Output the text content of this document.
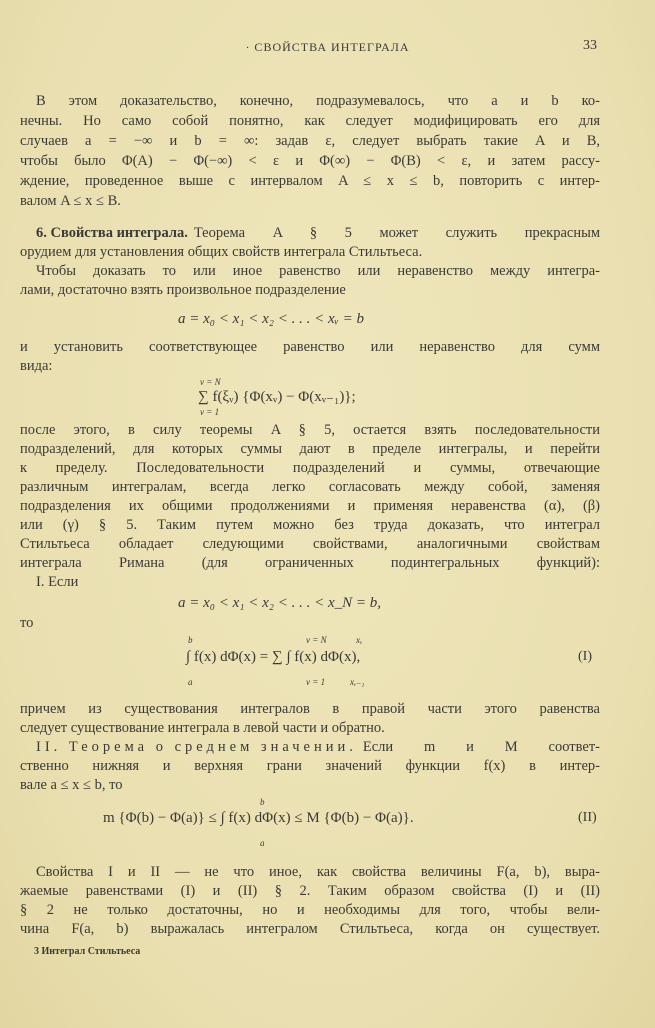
· СВОЙСТВА ИНТЕГРАЛА	33
В этом доказательство, конечно, подразумевалось, что a и b ко-
нечны. Но само собой понятно, как следует модифицировать его для
случаев a = −∞ и b = ∞: задав ε, следует выбрать такие A и B,
чтобы было Φ(A) − Φ(−∞) < ε и Φ(∞) − Φ(B) < ε, и затем рассу-
ждение, проведенное выше с интервалом A ≤ x ≤ b, повторить с интер-
валом A ≤ x ≤ B.
6. Свойства интеграла. Теорема A § 5 может служить прекрасным
орудием для установления общих свойств интеграла Стильтьеса.
Чтобы доказать то или иное равенство или неравенство между интегра-
лами, достаточно взять произвольное подразделение
a = x₀ < x₁ < x₂ < . . . < xᵥ = b
и установить соответствующее равенство или неравенство для сумм
вида:
ν = N
∑ f(ξᵥ) {Φ(xᵥ) − Φ(xᵥ₋₁)};
ν = 1
после этого, в силу теоремы A § 5, остается взять последовательности
подразделений, для которых суммы дают в пределе интегралы, и перейти
к пределу. Последовательности подразделений и суммы, отвечающие
различным интегралам, всегда легко согласовать между собой, заменяя
подразделения их общими продолжениями и применяя неравенства (α), (β)
или (γ) § 5. Таким путем можно без труда доказать, что интеграл
Стильтьеса обладает следующими свойствами, аналогичными свойствам
интеграла Римана (для ограниченных подинтегральных функций):
I. Если
a = x₀ < x₁ < x₂ < . . . < x_N = b,
то
b	ν = N	xᵥ
∫ f(x) dΦ(x) = ∑ ∫ f(x) dΦ(x),	(I)
a	ν = 1	xᵥ₋₁
причем из существования интегралов в правой части этого равенства
следует существование интеграла в левой части и обратно.
II. Теорема о среднем значении. Если m и M соответ-
ственно нижняя и верхняя грани значений функции f(x) в интер-
вале a ≤ x ≤ b, то
b
m {Φ(b) − Φ(a)} ≤ ∫ f(x) dΦ(x) ≤ M {Φ(b) − Φ(a)}.	(II)
a
Свойства I и II — не что иное, как свойства величины F(a, b), выра-
жаемые равенствами (I) и (II) § 2. Таким образом свойства (I) и (II)
§ 2 не только достаточны, но и необходимы для того, чтобы вели-
чина F(a, b) выражалась интегралом Стильтьеса, когда он существует.
3 Интеграл Стильтьеса
